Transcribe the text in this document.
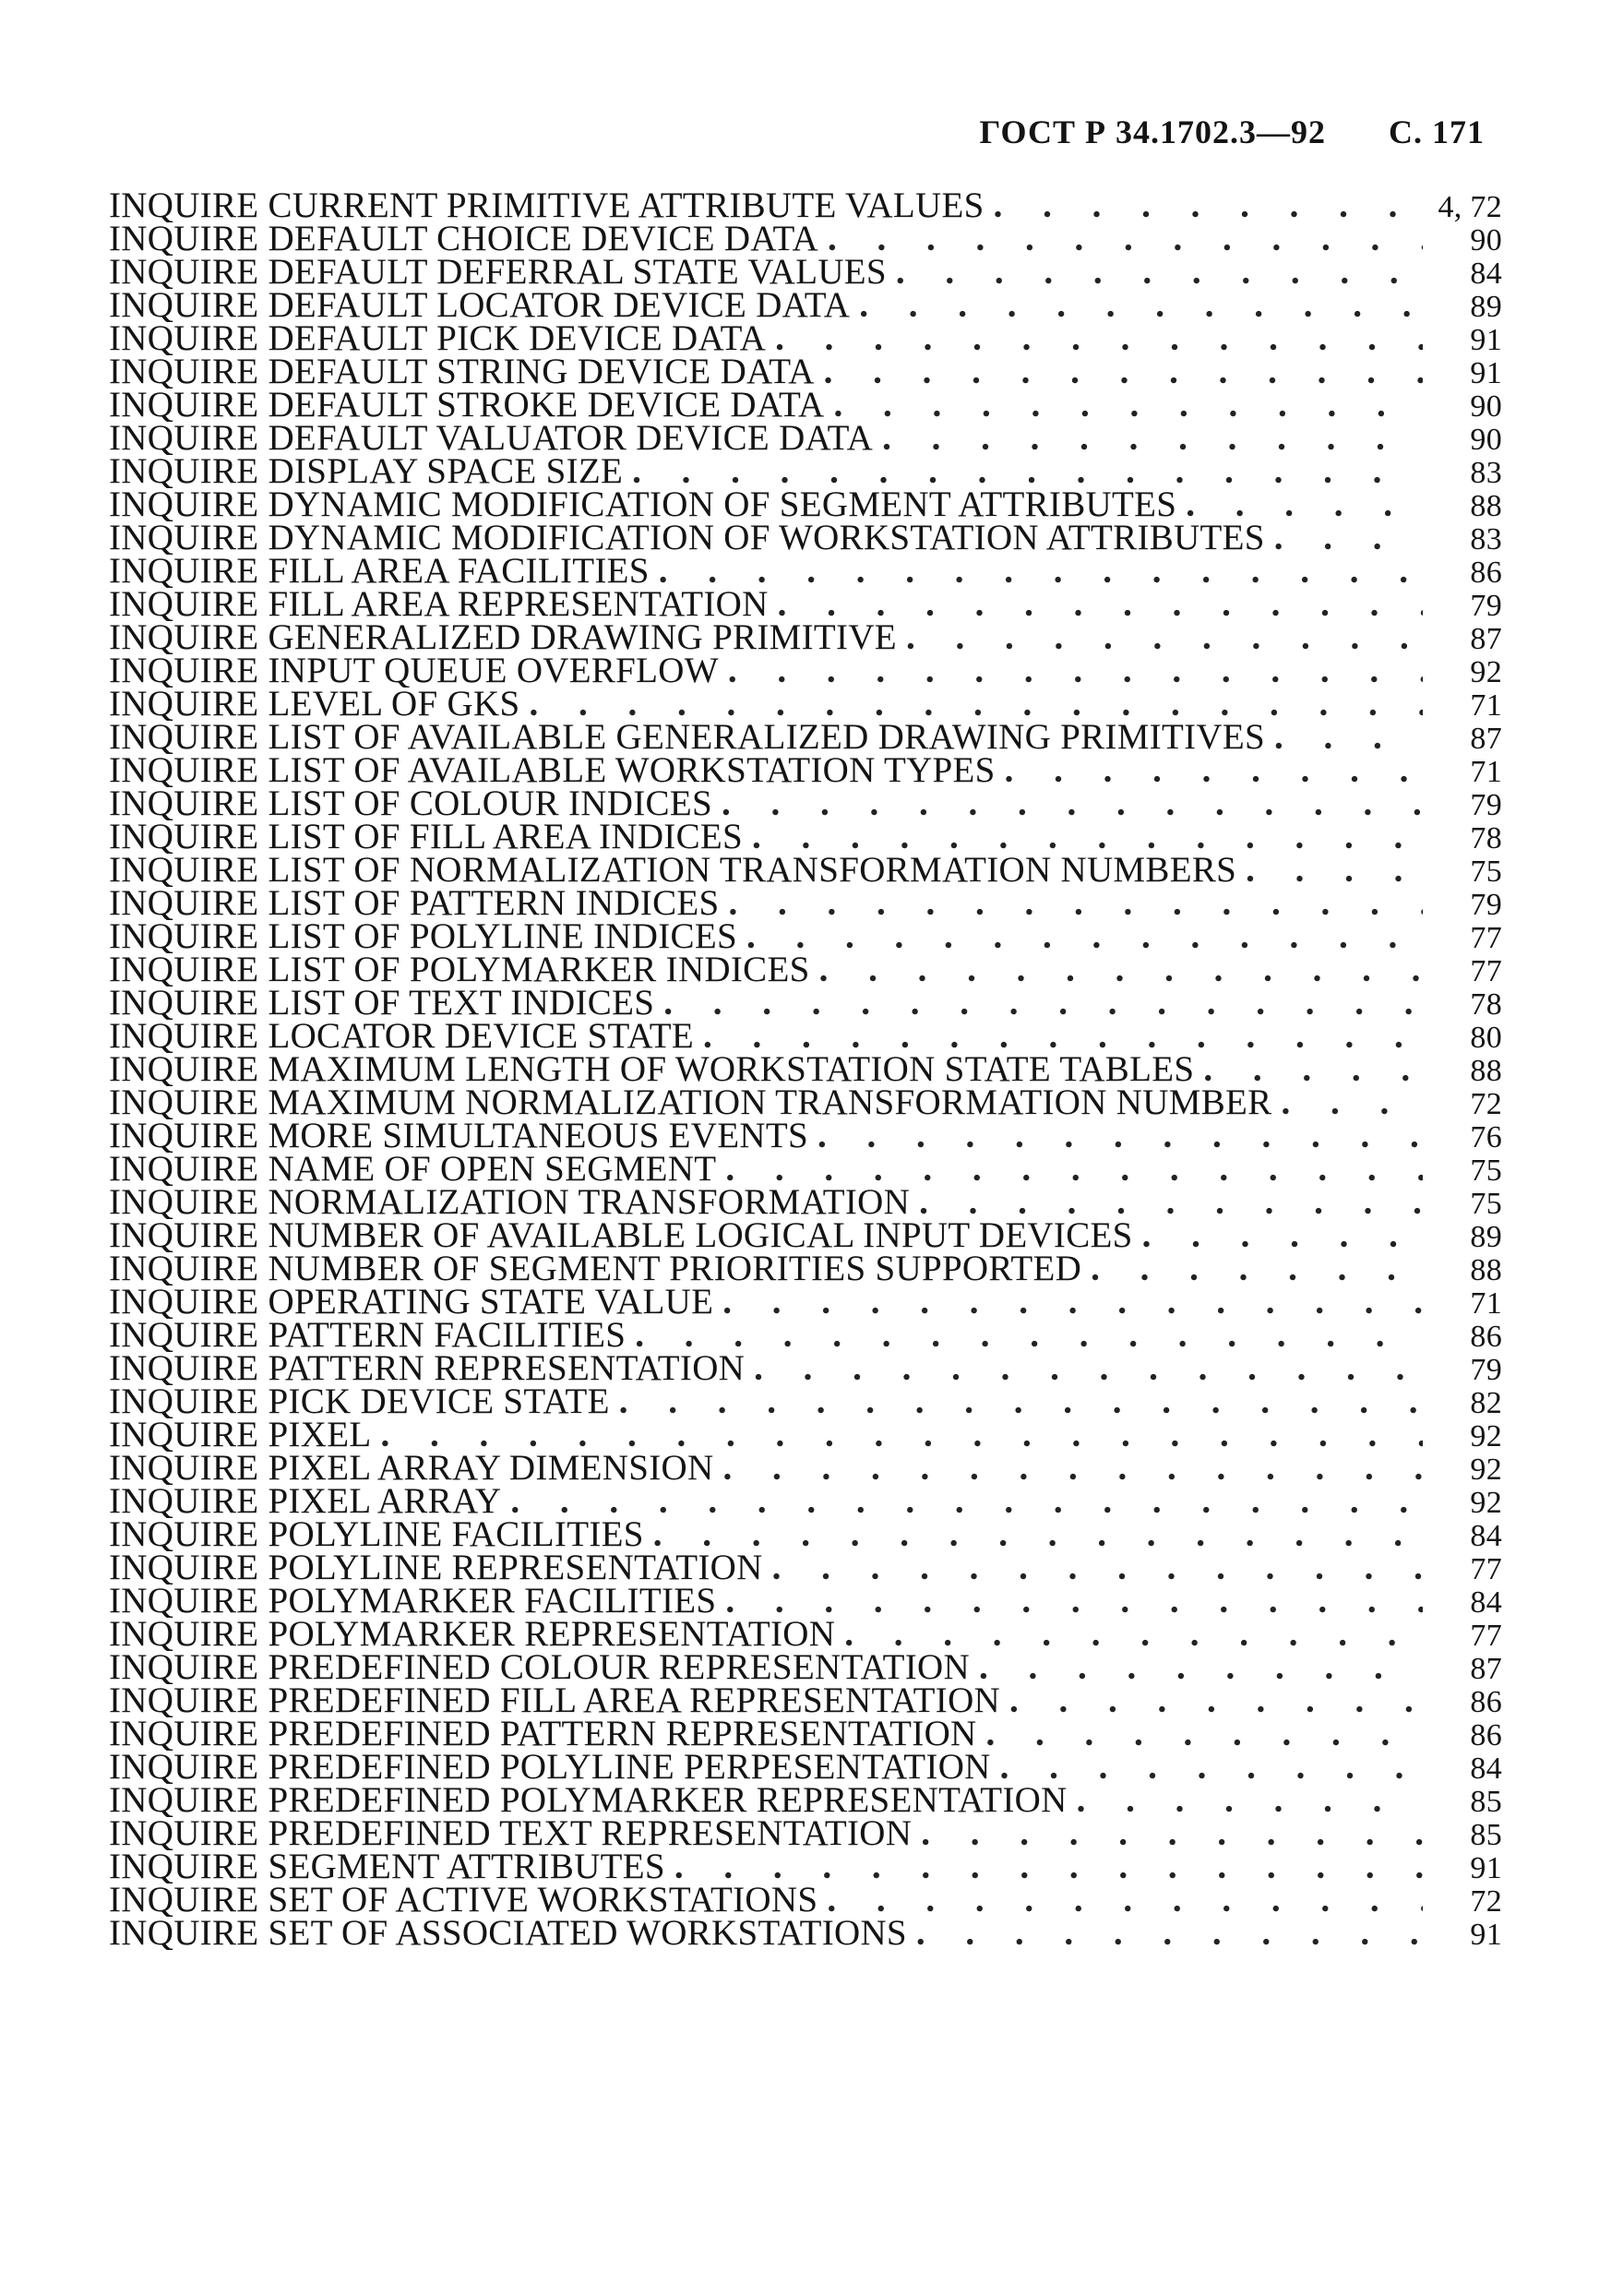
ГОСТ Р 34.1702.3—92 С. 171
INQUIRE CURRENT PRIMITIVE ATTRIBUTE VALUES . . .	4, 72
INQUIRE DEFAULT CHOICE DEVICE DATA . . .	90
INQUIRE DEFAULT DEFERRAL STATE VALUES . . .	84
INQUIRE DEFAULT LOCATOR DEVICE DATA . . .	89
INQUIRE DEFAULT PICK DEVICE DATA . . .	91
INQUIRE DEFAULT STRING DEVICE DATA . . .	91
INQUIRE DEFAULT STROKE DEVICE DATA . . .	90
INQUIRE DEFAULT VALUATOR DEVICE DATA . . .	90
INQUIRE DISPLAY SPACE SIZE . . .	83
INQUIRE DYNAMIC MODIFICATION OF SEGMENT ATTRIBUTES . . .	88
INQUIRE DYNAMIC MODIFICATION OF WORKSTATION ATTRIBUTES . . .	83
INQUIRE FILL AREA FACILITIES . . .	86
INQUIRE FILL AREA REPRESENTATION . . .	79
INQUIRE GENERALIZED DRAWING PRIMITIVE . . .	87
INQUIRE INPUT QUEUE OVERFLOW . . .	92
INQUIRE LEVEL OF GKS . . .	71
INQUIRE LIST OF AVAILABLE GENERALIZED DRAWING PRIMITIVES . . .	87
INQUIRE LIST OF AVAILABLE WORKSTATION TYPES . . .	71
INQUIRE LIST OF COLOUR INDICES . . .	79
INQUIRE LIST OF FILL AREA INDICES . . .	78
INQUIRE LIST OF NORMALIZATION TRANSFORMATION NUMBERS . . .	75
INQUIRE LIST OF PATTERN INDICES . . .	79
INQUIRE LIST OF POLYLINE INDICES . . .	77
INQUIRE LIST OF POLYMARKER INDICES . . .	77
INQUIRE LIST OF TEXT INDICES . . .	78
INQUIRE LOCATOR DEVICE STATE . . .	80
INQUIRE MAXIMUM LENGTH OF WORKSTATION STATE TABLES . . .	88
INQUIRE MAXIMUM NORMALIZATION TRANSFORMATION NUMBER . . .	72
INQUIRE MORE SIMULTANEOUS EVENTS . . .	76
INQUIRE NAME OF OPEN SEGMENT . . .	75
INQUIRE NORMALIZATION TRANSFORMATION . . .	75
INQUIRE NUMBER OF AVAILABLE LOGICAL INPUT DEVICES . . .	89
INQUIRE NUMBER OF SEGMENT PRIORITIES SUPPORTED . . .	88
INQUIRE OPERATING STATE VALUE . . .	71
INQUIRE PATTERN FACILITIES . . .	86
INQUIRE PATTERN REPRESENTATION . . .	79
INQUIRE PICK DEVICE STATE . . .	82
INQUIRE PIXEL . . .	92
INQUIRE PIXEL ARRAY DIMENSION . . .	92
INQUIRE PIXEL ARRAY . . .	92
INQUIRE POLYLINE FACILITIES . . .	84
INQUIRE POLYLINE REPRESENTATION . . .	77
INQUIRE POLYMARKER FACILITIES . . .	84
INQUIRE POLYMARKER REPRESENTATION . . .	77
INQUIRE PREDEFINED COLOUR REPRESENTATION . . .	87
INQUIRE PREDEFINED FILL AREA REPRESENTATION . . .	86
INQUIRE PREDEFINED PATTERN REPRESENTATION . . .	86
INQUIRE PREDEFINED POLYLINE PERPESENTATION . . .	84
INQUIRE PREDEFINED POLYMARKER REPRESENTATION . . .	85
INQUIRE PREDEFINED TEXT REPRESENTATION . . .	85
INQUIRE SEGMENT ATTRIBUTES . . .	91
INQUIRE SET OF ACTIVE WORKSTATIONS . . .	72
INQUIRE SET OF ASSOCIATED WORKSTATIONS . . .	91
